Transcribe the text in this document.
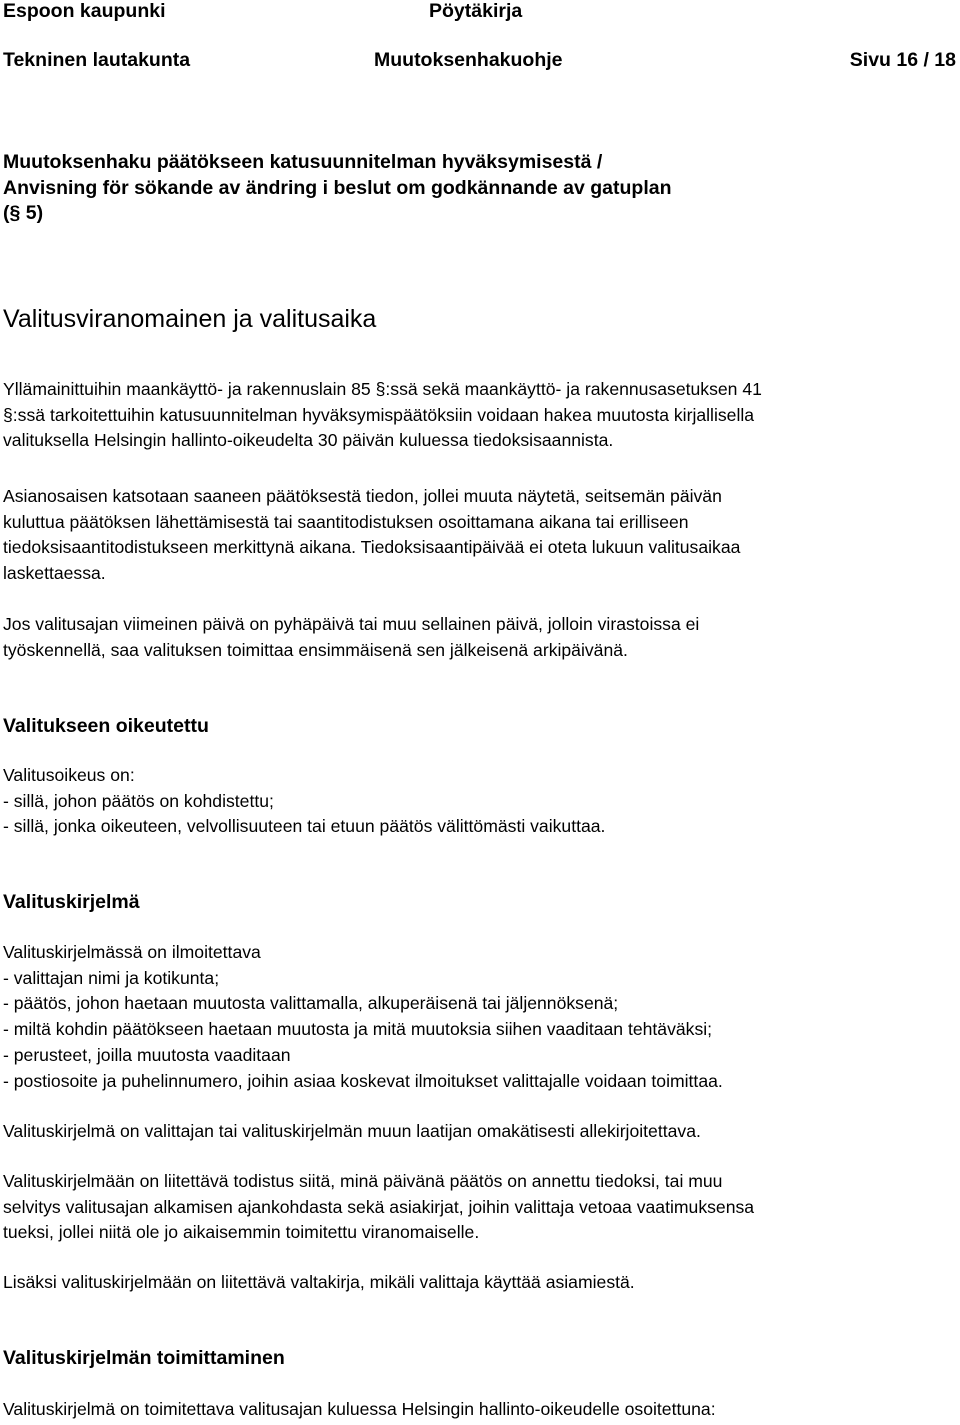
Espoon kaupunki	Pöytäkirja
Tekninen lautakunta	Muutoksenhakuohje	Sivu 16 / 18
Muutoksenhaku päätökseen katusuunnitelman hyväksymisestä /
Anvisning för sökande av ändring i beslut om godkännande av gatuplan
(§ 5)
Valitusviranomainen ja valitusaika
Yllämainittuihin maankäyttö- ja rakennuslain 85 §:ssä sekä maankäyttö- ja rakennusasetuksen 41
§:ssä tarkoitettuihin katusuunnitelman hyväksymispäätöksiin voidaan hakea muutosta kirjallisella
valituksella Helsingin hallinto-oikeudelta 30 päivän kuluessa tiedoksisaannista.
Asianosaisen katsotaan saaneen päätöksestä tiedon, jollei muuta näytetä, seitsemän päivän
kuluttua päätöksen lähettämisestä tai saantitodistuksen osoittamana aikana tai erilliseen
tiedoksisaantitodistukseen merkittynä aikana. Tiedoksisaantipäivää ei oteta lukuun valitusaikaa
laskettaessa.
Jos valitusajan viimeinen päivä on pyhäpäivä tai muu sellainen päivä, jolloin virastoissa ei
työskennellä, saa valituksen toimittaa ensimmäisenä sen jälkeisenä arkipäivänä.
Valitukseen oikeutettu
Valitusoikeus on:
- sillä, johon päätös on kohdistettu;
- sillä, jonka oikeuteen, velvollisuuteen tai etuun päätös välittömästi vaikuttaa.
Valituskirjelmä
Valituskirjelmässä on ilmoitettava
- valittajan nimi ja kotikunta;
- päätös, johon haetaan muutosta valittamalla, alkuperäisenä tai jäljennöksenä;
- miltä kohdin päätökseen haetaan muutosta ja mitä muutoksia siihen vaaditaan tehtäväksi;
- perusteet, joilla muutosta vaaditaan
- postiosoite ja puhelinnumero, joihin asiaa koskevat ilmoitukset valittajalle voidaan toimittaa.
Valituskirjelmä on valittajan tai valituskirjelmän muun laatijan omakätisesti allekirjoitettava.
Valituskirjelmään on liitettävä todistus siitä, minä päivänä päätös on annettu tiedoksi, tai muu
selvitys valitusajan alkamisen ajankohdasta sekä asiakirjat, joihin valittaja vetoaa vaatimuksensa
tueksi, jollei niitä ole jo aikaisemmin toimitettu viranomaiselle.
Lisäksi valituskirjelmään on liitettävä valtakirja, mikäli valittaja käyttää asiamiestä.
Valituskirjelmän toimittaminen
Valituskirjelmä on toimitettava valitusajan kuluessa Helsingin hallinto-oikeudelle osoitettuna:
